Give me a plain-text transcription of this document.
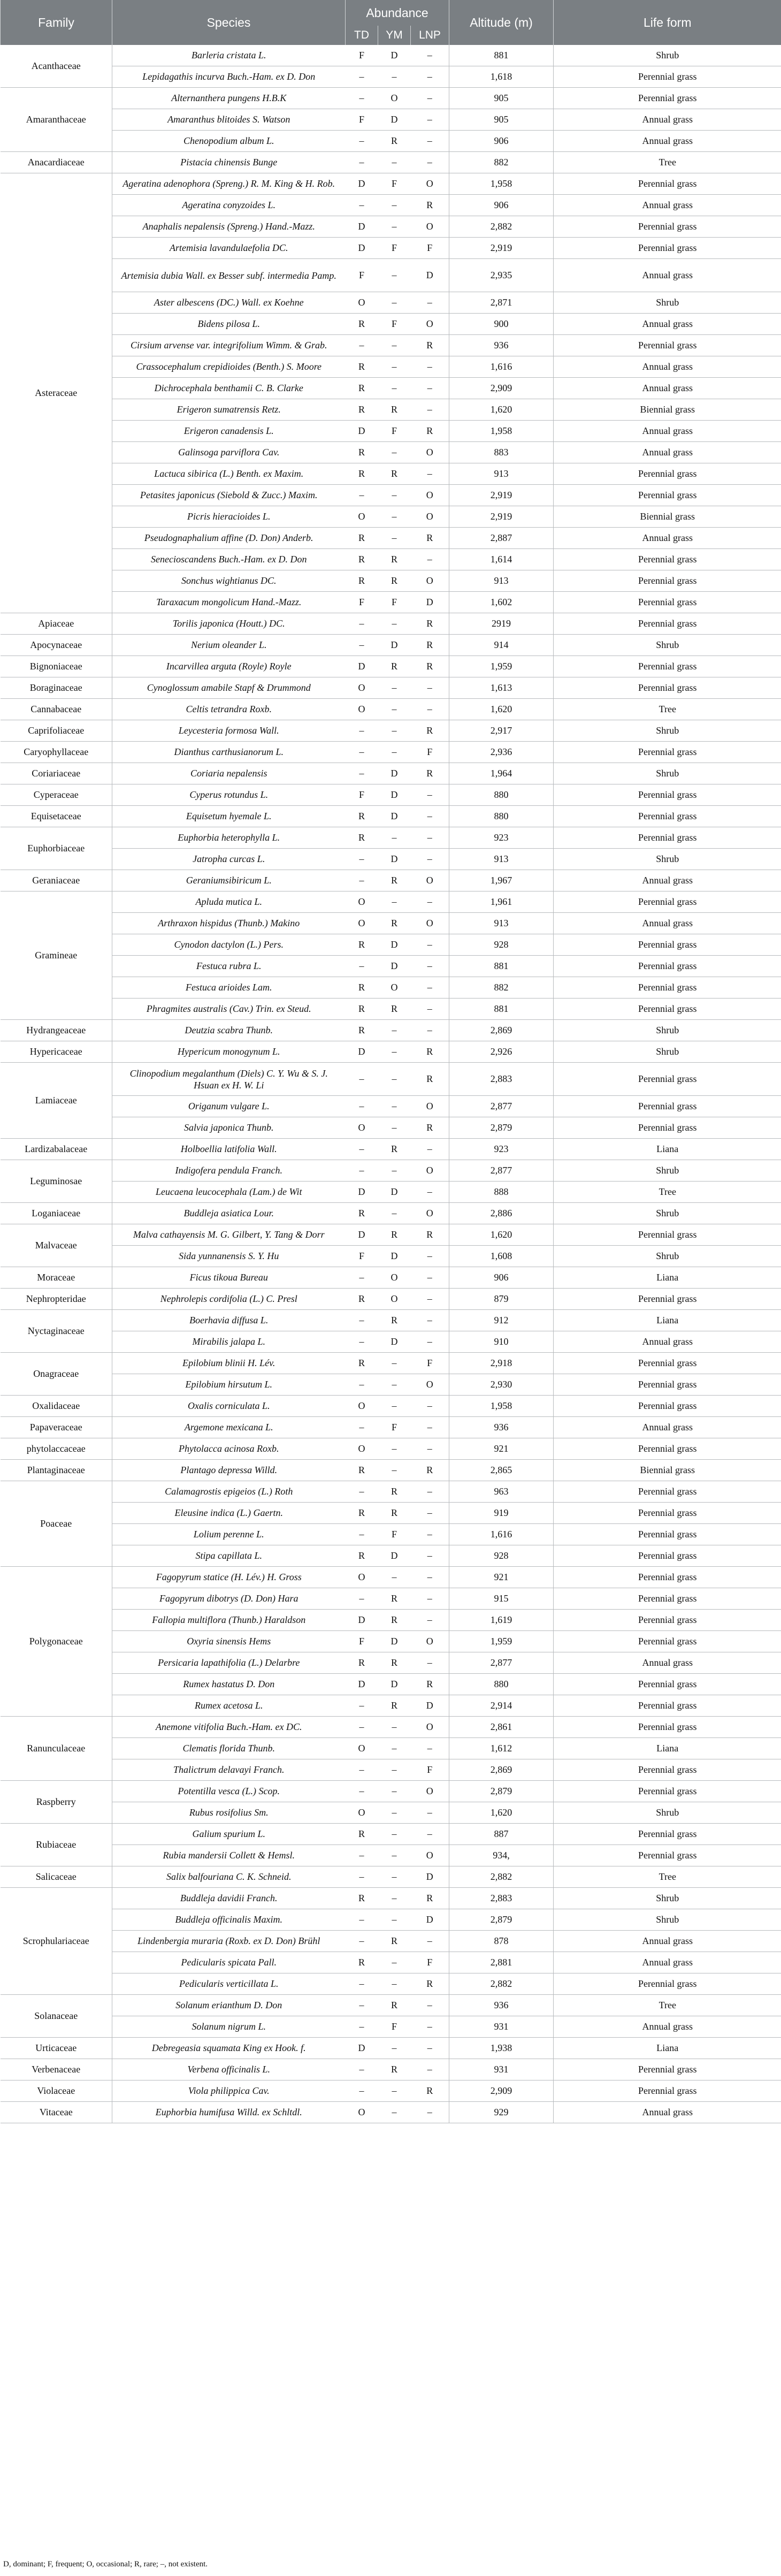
Family	Species	Abundance			Altitude (m)	Life form
		TD	YM	LNP		
Acanthaceae	Barleria cristata L.	F	D	–	881	Shrub
	Lepidagathis incurva Buch.-Ham. ex D. Don	–	–	–	1,618	Perennial grass
Amaranthaceae	Alternanthera pungens H.B.K	–	O	–	905	Perennial grass
	Amaranthus blitoides S. Watson	F	D	–	905	Annual grass
	Chenopodium album L.	–	R	–	906	Annual grass
Anacardiaceae	Pistacia chinensis Bunge	–	–	–	882	Tree
Asteraceae	Ageratina adenophora (Spreng.) R. M. King & H. Rob.	D	F	O	1,958	Perennial grass
	Ageratina conyzoides L.	–	–	R	906	Annual grass
	Anaphalis nepalensis (Spreng.) Hand.-Mazz.	D	–	O	2,882	Perennial grass
	Artemisia lavandulaefolia DC.	D	F	F	2,919	Perennial grass
	Artemisia dubia Wall. ex Besser subf. intermedia Pamp.	F	–	D	2,935	Annual grass
	Aster albescens (DC.) Wall. ex Koehne	O	–	–	2,871	Shrub
	Bidens pilosa L.	R	F	O	900	Annual grass
	Cirsium arvense var. integrifolium Wimm. & Grab.	–	–	R	936	Perennial grass
	Crassocephalum crepidioides (Benth.) S. Moore	R	–	–	1,616	Annual grass
	Dichrocephala benthamii C. B. Clarke	R	–	–	2,909	Annual grass
	Erigeron sumatrensis Retz.	R	R	–	1,620	Biennial grass
	Erigeron canadensis L.	D	F	R	1,958	Annual grass
	Galinsoga parviflora Cav.	R	–	O	883	Annual grass
	Lactuca sibirica (L.) Benth. ex Maxim.	R	R	–	913	Perennial grass
	Petasites japonicus (Siebold & Zucc.) Maxim.	–	–	O	2,919	Perennial grass
	Picris hieracioides L.	O	–	O	2,919	Biennial grass
	Pseudognaphalium affine (D. Don) Anderb.	R	–	R	2,887	Annual grass
	Senecioscandens Buch.-Ham. ex D. Don	R	R	–	1,614	Perennial grass
	Sonchus wightianus DC.	R	R	O	913	Perennial grass
	Taraxacum mongolicum Hand.-Mazz.	F	F	D	1,602	Perennial grass
Apiaceae	Torilis japonica (Houtt.) DC.	–	–	R	2919	Perennial grass
Apocynaceae	Nerium oleander L.	–	D	R	914	Shrub
Bignoniaceae	Incarvillea arguta (Royle) Royle	D	R	R	1,959	Perennial grass
Boraginaceae	Cynoglossum amabile Stapf & Drummond	O	–	–	1,613	Perennial grass
Cannabaceae	Celtis tetrandra Roxb.	O	–	–	1,620	Tree
Caprifoliaceae	Leycesteria formosa Wall.	–	–	R	2,917	Shrub
Caryophyllaceae	Dianthus carthusianorum L.	–	–	F	2,936	Perennial grass
Coriariaceae	Coriaria nepalensis	–	D	R	1,964	Shrub
Cyperaceae	Cyperus rotundus L.	F	D	–	880	Perennial grass
Equisetaceae	Equisetum hyemale L.	R	D	–	880	Perennial grass
Euphorbiaceae	Euphorbia heterophylla L.	R	–	–	923	Perennial grass
	Jatropha curcas L.	–	D	–	913	Shrub
Geraniaceae	Geraniumsibiricum L.	–	R	O	1,967	Annual grass
Gramineae	Apluda mutica L.	O	–	–	1,961	Perennial grass
	Arthraxon hispidus (Thunb.) Makino	O	R	O	913	Annual grass
	Cynodon dactylon (L.) Pers.	R	D	–	928	Perennial grass
	Festuca rubra L.	–	D	–	881	Perennial grass
	Festuca arioides Lam.	R	O	–	882	Perennial grass
	Phragmites australis (Cav.) Trin. ex Steud.	R	R	–	881	Perennial grass
Hydrangeaceae	Deutzia scabra Thunb.	R	–	–	2,869	Shrub
Hypericaceae	Hypericum monogynum L.	D	–	R	2,926	Shrub
Lamiaceae	Clinopodium megalanthum (Diels) C. Y. Wu & S. J. Hsuan ex H. W. Li	–	–	R	2,883	Perennial grass
	Origanum vulgare L.	–	–	O	2,877	Perennial grass
	Salvia japonica Thunb.	O	–	R	2,879	Perennial grass
Lardizabalaceae	Holboellia latifolia Wall.	–	R	–	923	Liana
Leguminosae	Indigofera pendula Franch.	–	–	O	2,877	Shrub
	Leucaena leucocephala (Lam.) de Wit	D	D	–	888	Tree
Loganiaceae	Buddleja asiatica Lour.	R	–	O	2,886	Shrub
Malvaceae	Malva cathayensis M. G. Gilbert, Y. Tang & Dorr	D	R	R	1,620	Perennial grass
	Sida yunnanensis S. Y. Hu	F	D	–	1,608	Shrub
Moraceae	Ficus tikoua Bureau	–	O	–	906	Liana
Nephropteridae	Nephrolepis cordifolia (L.) C. Presl	R	O	–	879	Perennial grass
Nyctaginaceae	Boerhavia diffusa L.	–	R	–	912	Liana
	Mirabilis jalapa L.	–	D	–	910	Annual grass
Onagraceae	Epilobium blinii H. Lév.	R	–	F	2,918	Perennial grass
	Epilobium hirsutum L.	–	–	O	2,930	Perennial grass
Oxalidaceae	Oxalis corniculata L.	O	–	–	1,958	Perennial grass
Papaveraceae	Argemone mexicana L.	–	F	–	936	Annual grass
phytolaccaceae	Phytolacca acinosa Roxb.	O	–	–	921	Perennial grass
Plantaginaceae	Plantago depressa Willd.	R	–	R	2,865	Biennial grass
Poaceae	Calamagrostis epigeios (L.) Roth	–	R	–	963	Perennial grass
	Eleusine indica (L.) Gaertn.	R	R	–	919	Perennial grass
	Lolium perenne L.	–	F	–	1,616	Perennial grass
	Stipa capillata L.	R	D	–	928	Perennial grass
Polygonaceae	Fagopyrum statice (H. Lév.) H. Gross	O	–	–	921	Perennial grass
	Fagopyrum dibotrys (D. Don) Hara	–	R	–	915	Perennial grass
	Fallopia multiflora (Thunb.) Haraldson	D	R	–	1,619	Perennial grass
	Oxyria sinensis Hems	F	D	O	1,959	Perennial grass
	Persicaria lapathifolia (L.) Delarbre	R	R	–	2,877	Annual grass
	Rumex hastatus D. Don	D	D	R	880	Perennial grass
	Rumex acetosa L.	–	R	D	2,914	Perennial grass
Ranunculaceae	Anemone vitifolia Buch.-Ham. ex DC.	–	–	O	2,861	Perennial grass
	Clematis florida Thunb.	O	–	–	1,612	Liana
	Thalictrum delavayi Franch.	–	–	F	2,869	Perennial grass
Raspberry	Potentilla vesca (L.) Scop.	–	–	O	2,879	Perennial grass
	Rubus rosifolius Sm.	O	–	–	1,620	Shrub
Rubiaceae	Galium spurium L.	R	–	–	887	Perennial grass
	Rubia mandersii Collett & Hemsl.	–	–	O	934,	Perennial grass
Salicaceae	Salix balfouriana C. K. Schneid.	–	–	D	2,882	Tree
Scrophulariaceae	Buddleja davidii Franch.	R	–	R	2,883	Shrub
	Buddleja officinalis Maxim.	–	–	D	2,879	Shrub
	Lindenbergia muraria (Roxb. ex D. Don) Brühl	–	R	–	878	Annual grass
	Pedicularis spicata Pall.	R	–	F	2,881	Annual grass
	Pedicularis verticillata L.	–	–	R	2,882	Perennial grass
Solanaceae	Solanum erianthum D. Don	–	R	–	936	Tree
	Solanum nigrum L.	–	F	–	931	Annual grass
Urticaceae	Debregeasia squamata King ex Hook. f.	D	–	–	1,938	Liana
Verbenaceae	Verbena officinalis L.	–	R	–	931	Perennial grass
Violaceae	Viola philippica Cav.	–	–	R	2,909	Perennial grass
Vitaceae	Euphorbia humifusa Willd. ex Schltdl.	O	–	–	929	Annual grass
D, dominant; F, frequent; O, occasional; R, rare; –, not existent.
